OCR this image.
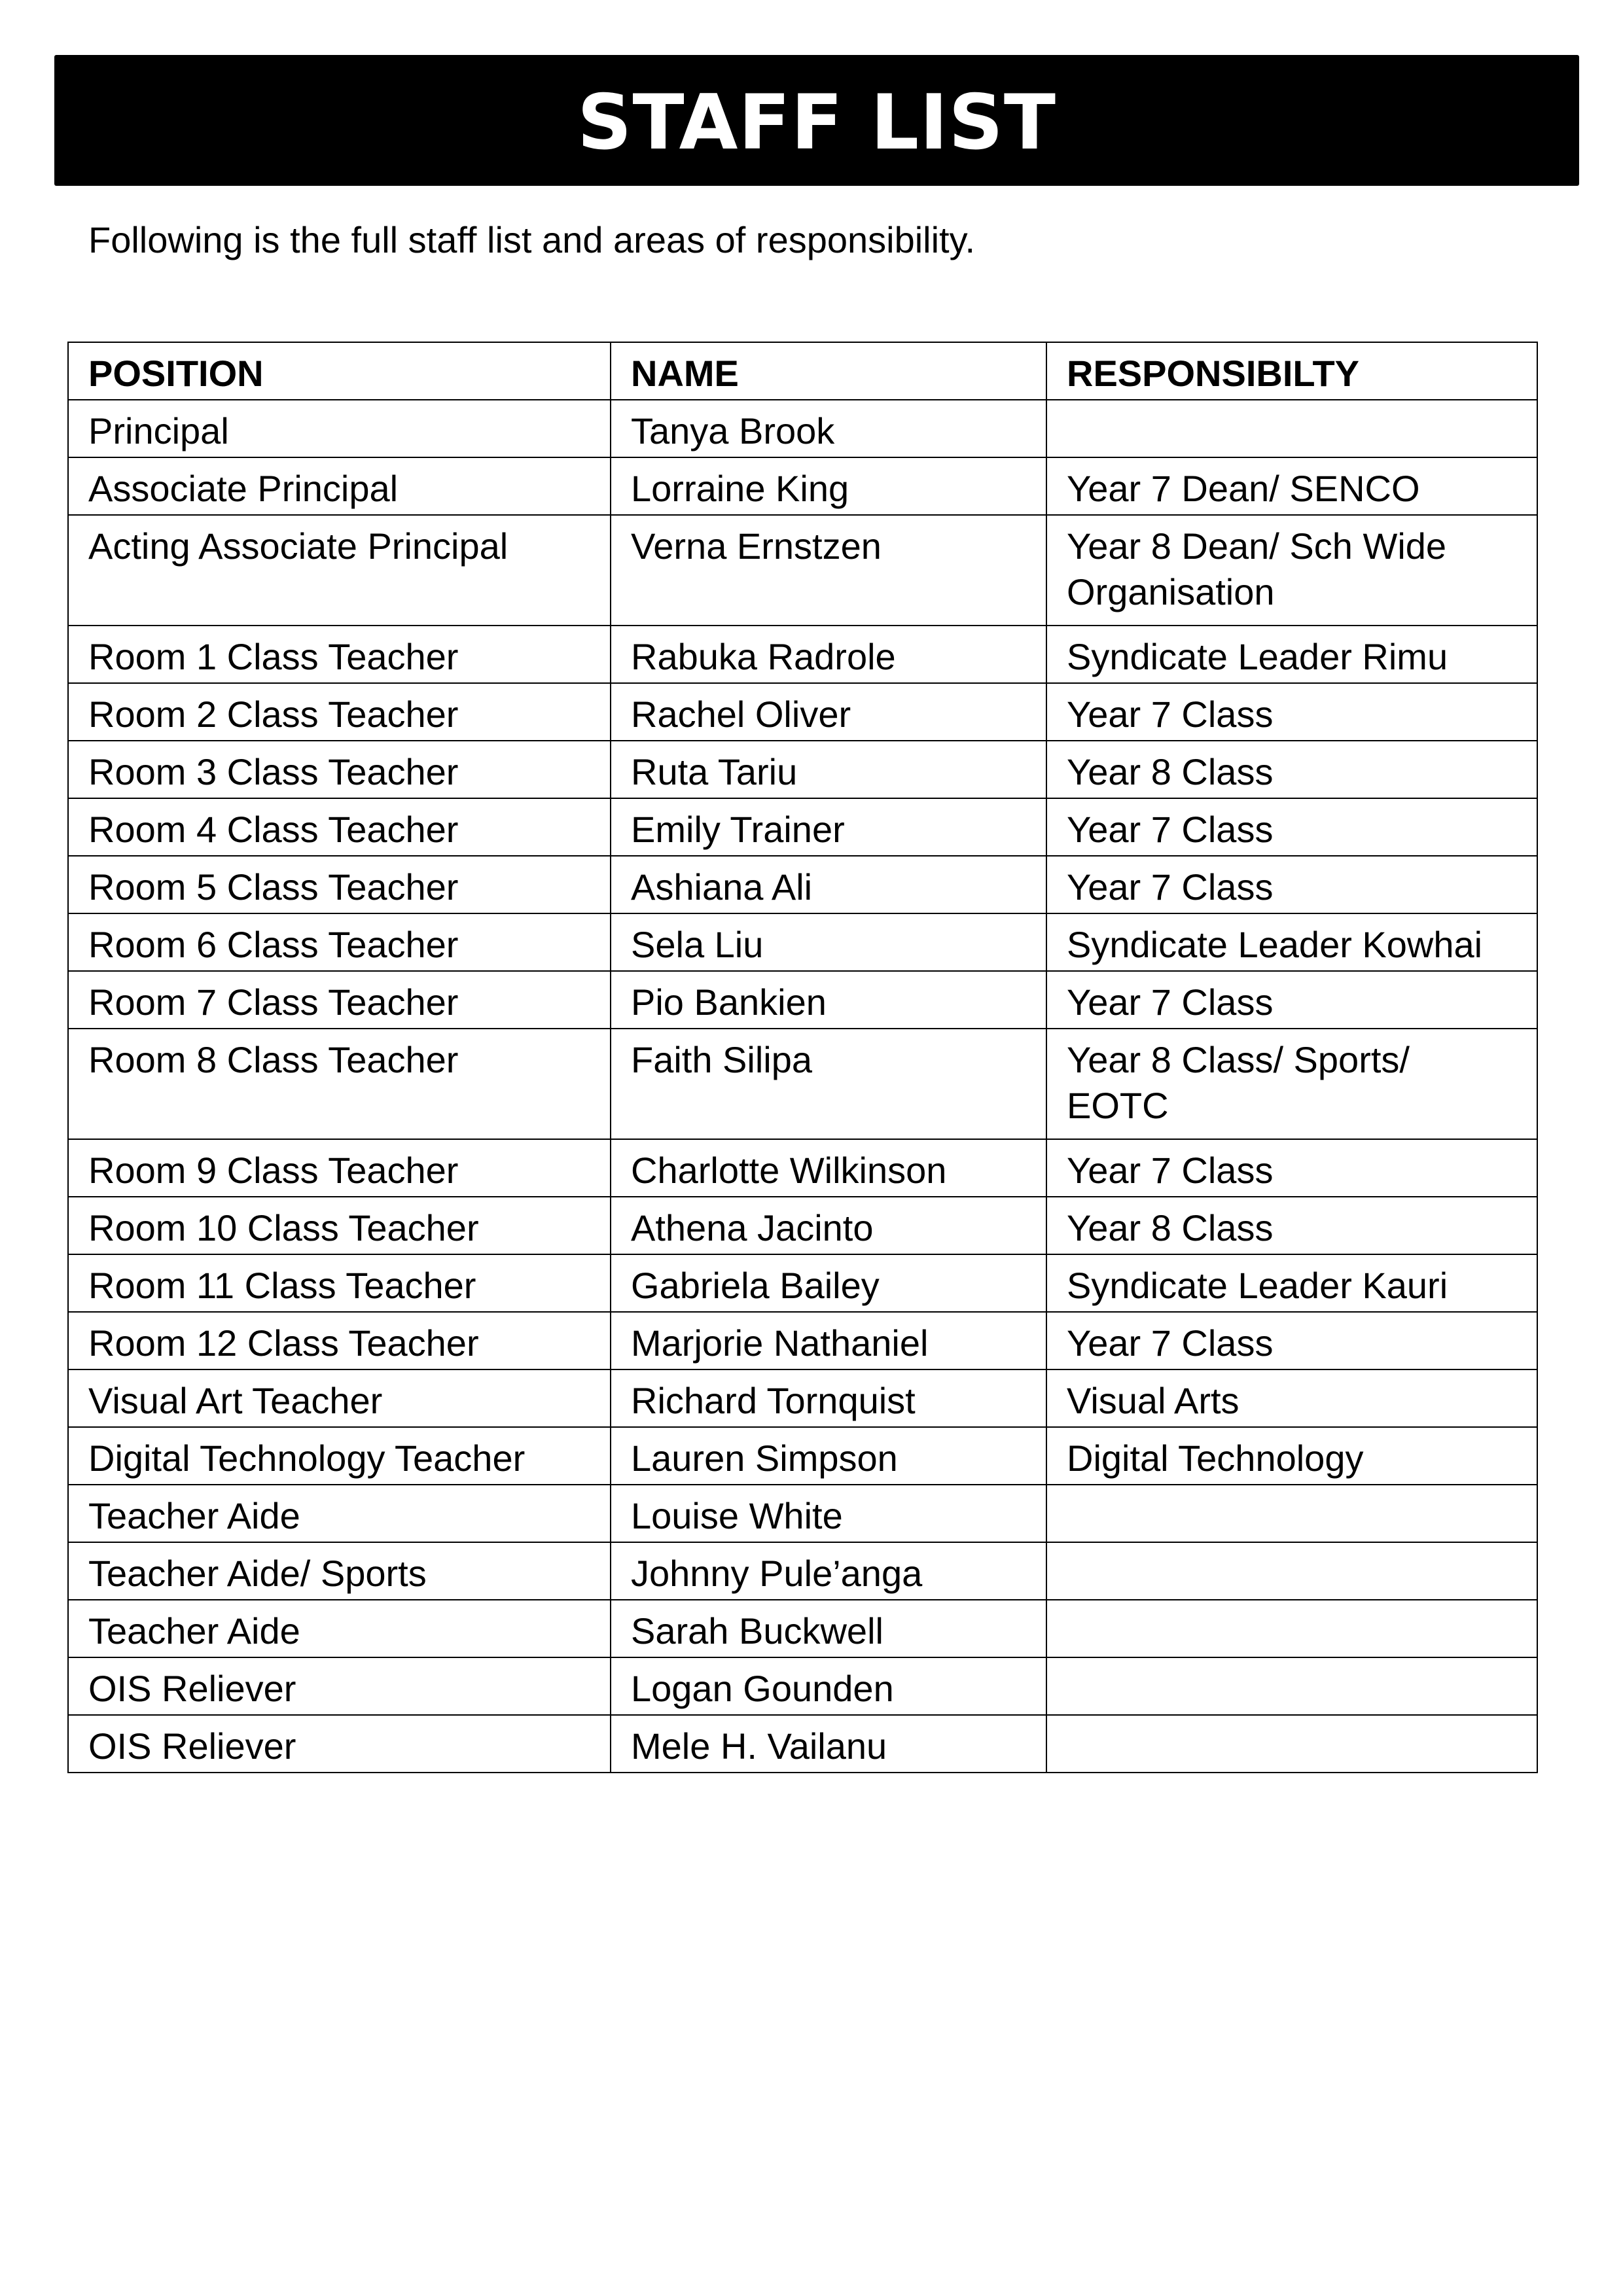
STAFF LIST
Following is the full staff list and areas of responsibility.
POSITION	NAME	RESPONSIBILTY
Principal	Tanya Brook	
Associate Principal	Lorraine King	Year 7 Dean/ SENCO
Acting Associate Principal	Verna Ernstzen	Year 8 Dean/ Sch Wide Organisation
Room 1 Class Teacher	Rabuka Radrole	Syndicate Leader Rimu
Room 2 Class Teacher	Rachel Oliver	Year 7 Class
Room 3 Class Teacher	Ruta Tariu	Year 8 Class
Room 4 Class Teacher	Emily Trainer	Year 7 Class
Room 5 Class Teacher	Ashiana Ali	Year 7 Class
Room 6 Class Teacher	Sela Liu	Syndicate Leader Kowhai
Room 7 Class Teacher	Pio Bankien	Year 7 Class
Room 8 Class Teacher	Faith Silipa	Year 8 Class/ Sports/ EOTC
Room 9 Class Teacher	Charlotte Wilkinson	Year 7 Class
Room 10 Class Teacher	Athena Jacinto	Year 8 Class
Room 11 Class Teacher	Gabriela Bailey	Syndicate Leader Kauri
Room 12 Class Teacher	Marjorie Nathaniel	Year 7 Class
Visual Art Teacher	Richard Tornquist	Visual Arts
Digital Technology Teacher	Lauren Simpson	Digital Technology
Teacher Aide	Louise White	
Teacher Aide/ Sports	Johnny Pule’anga	
Teacher Aide	Sarah Buckwell	
OIS Reliever	Logan Gounden	
OIS Reliever	Mele H. Vailanu	
